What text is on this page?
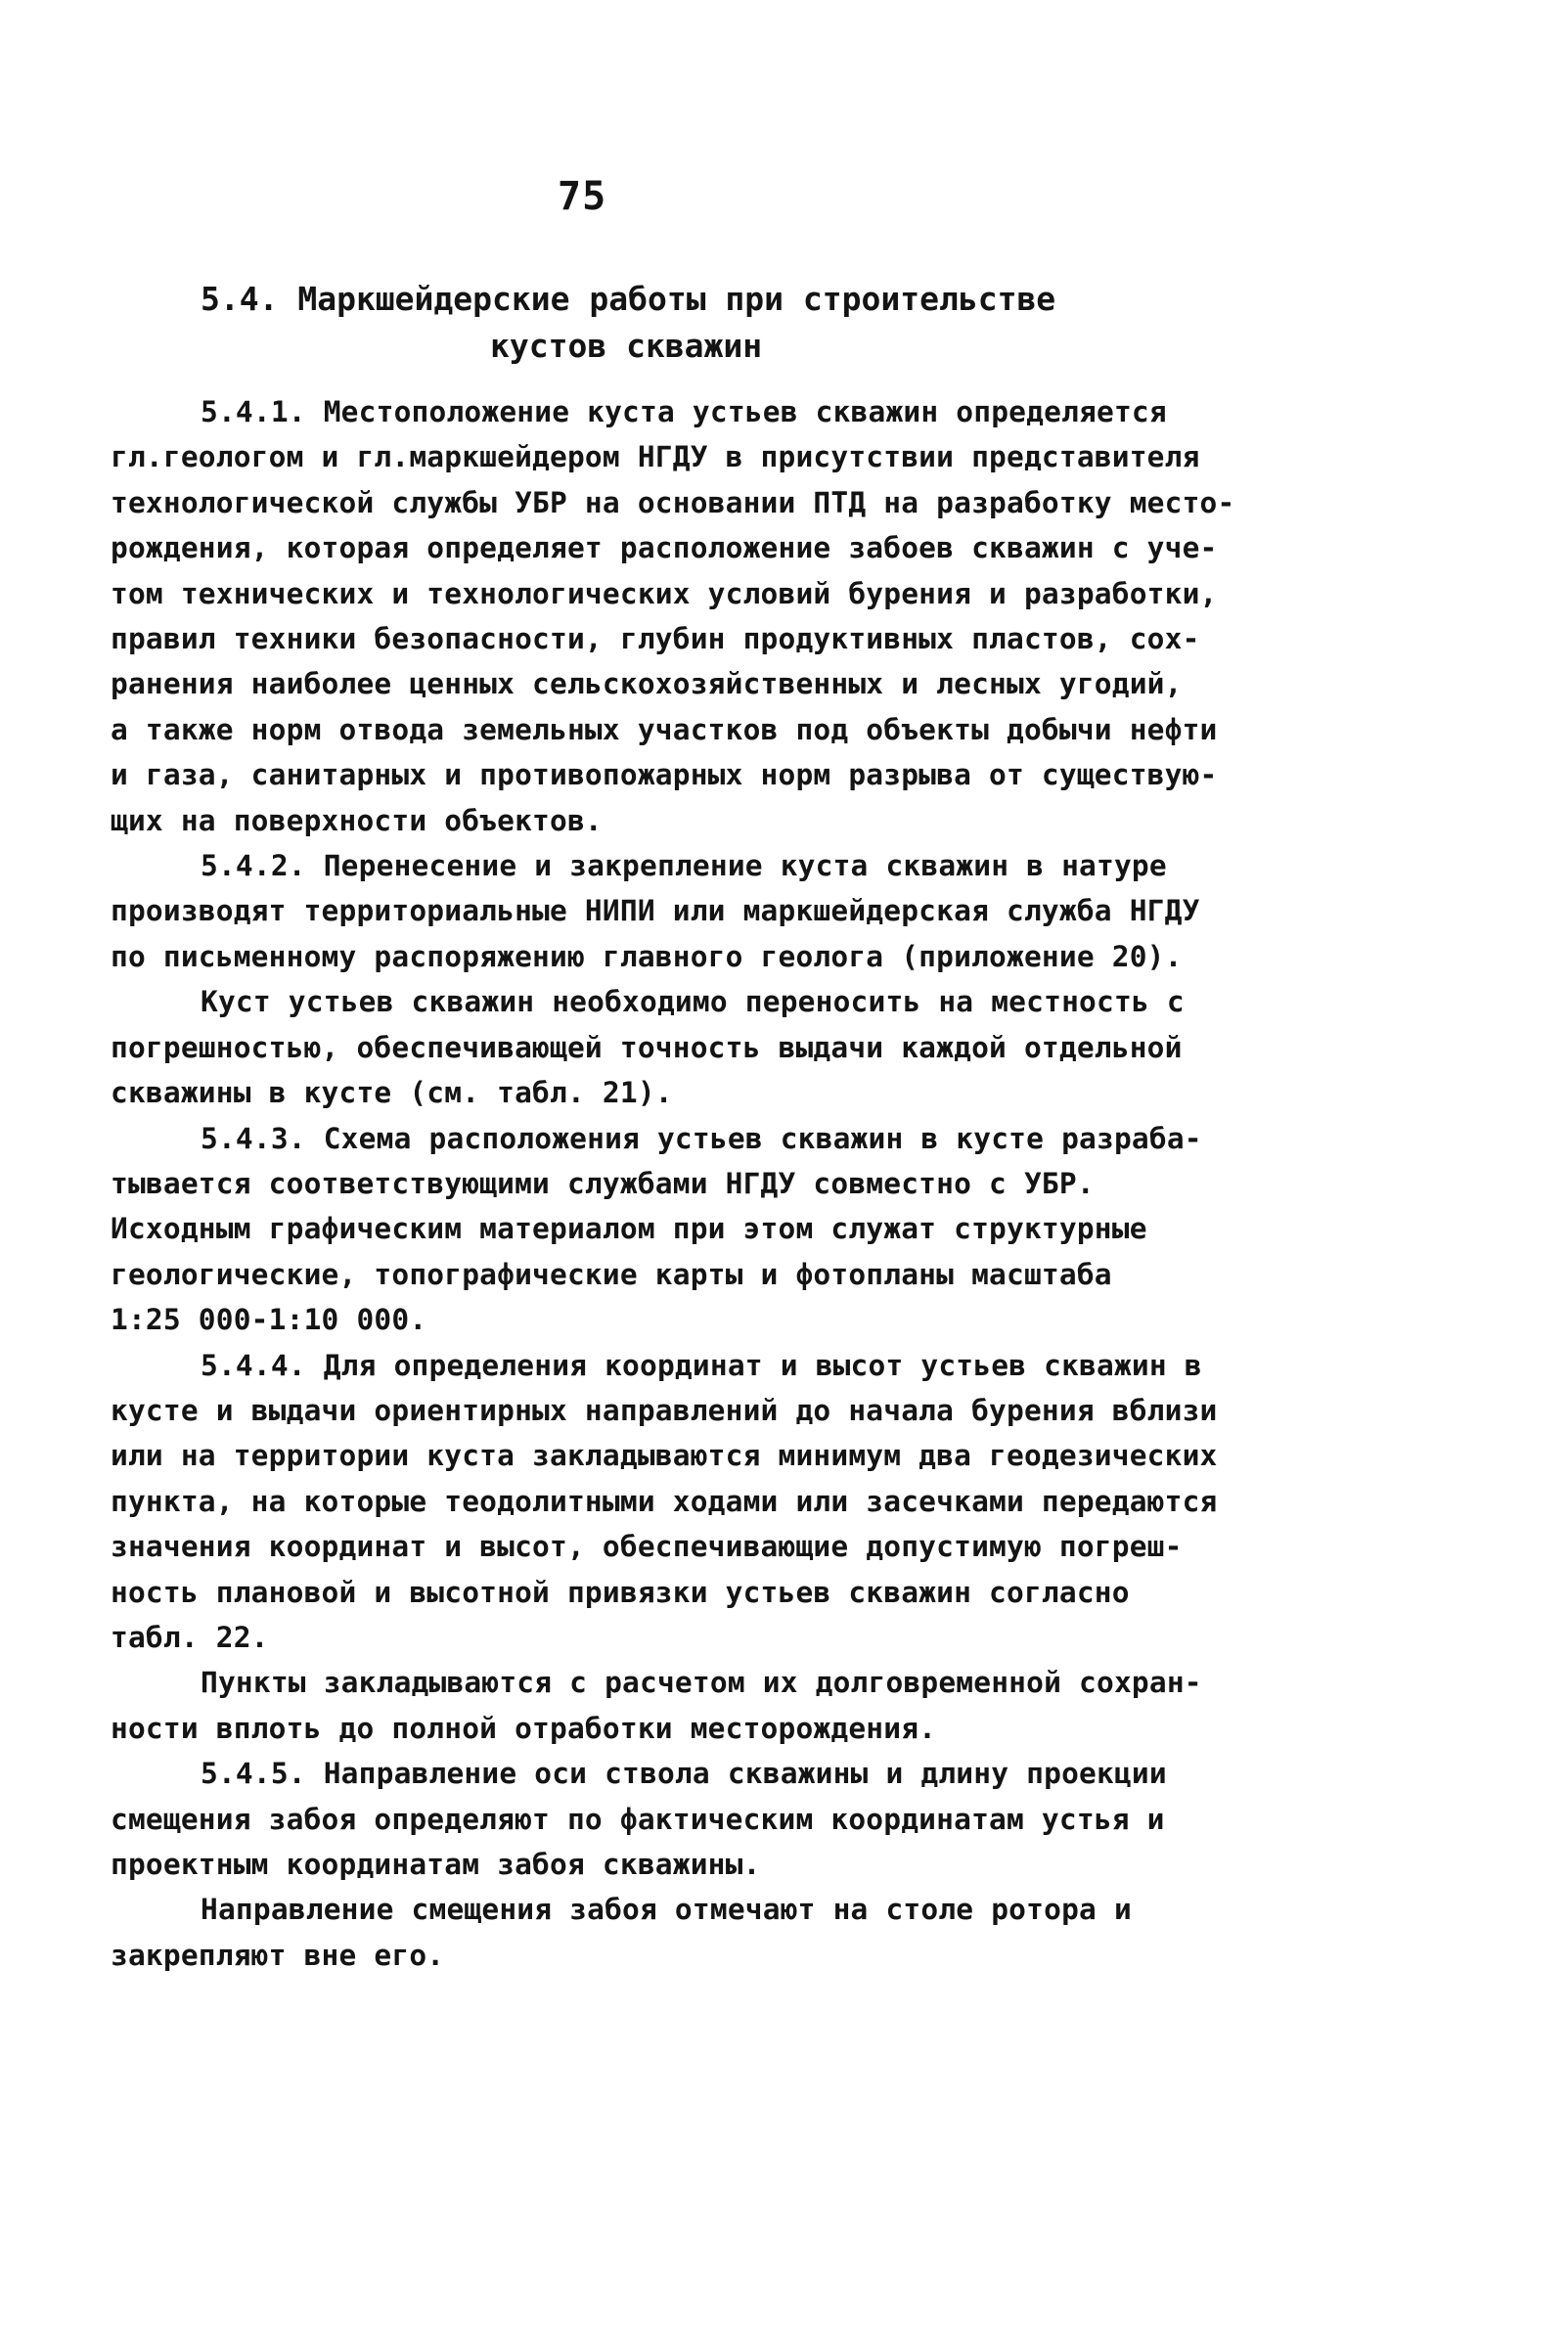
75
5.4. Маркшейдерские работы при строительстве
кустов скважин
5.4.1. Местоположение куста устьев скважин определяется
гл.геологом и гл.маркшейдером НГДУ в присутствии представителя
технологической службы УБР на основании ПТД на разработку место-
рождения, которая определяет расположение забоев скважин с уче-
том технических и технологических условий бурения и разработки,
правил техники безопасности, глубин продуктивных пластов, сох-
ранения наиболее ценных сельскохозяйственных и лесных угодий,
а также норм отвода земельных участков под объекты добычи нефти
и газа, санитарных и противопожарных норм разрыва от существую-
щих на поверхности объектов.
5.4.2. Перенесение и закрепление куста скважин в натуре
производят территориальные НИПИ или маркшейдерская служба НГДУ
по письменному распоряжению главного геолога (приложение 20).
Куст устьев скважин необходимо переносить на местность с
погрешностью, обеспечивающей точность выдачи каждой отдельной
скважины в кусте (см. табл. 21).
5.4.3. Схема расположения устьев скважин в кусте разраба-
тывается соответствующими службами НГДУ совместно с УБР.
Исходным графическим материалом при этом служат структурные
геологические, топографические карты и фотопланы масштаба
1:25 000-1:10 000.
5.4.4. Для определения координат и высот устьев скважин в
кусте и выдачи ориентирных направлений до начала бурения вблизи
или на территории куста закладываются минимум два геодезических
пункта, на которые теодолитными ходами или засечками передаются
значения координат и высот, обеспечивающие допустимую погреш-
ность плановой и высотной привязки устьев скважин согласно
табл. 22.
Пункты закладываются с расчетом их долговременной сохран-
ности вплоть до полной отработки месторождения.
5.4.5. Направление оси ствола скважины и длину проекции
смещения забоя определяют по фактическим координатам устья и
проектным координатам забоя скважины.
Направление смещения забоя отмечают на столе ротора и
закрепляют вне его.
